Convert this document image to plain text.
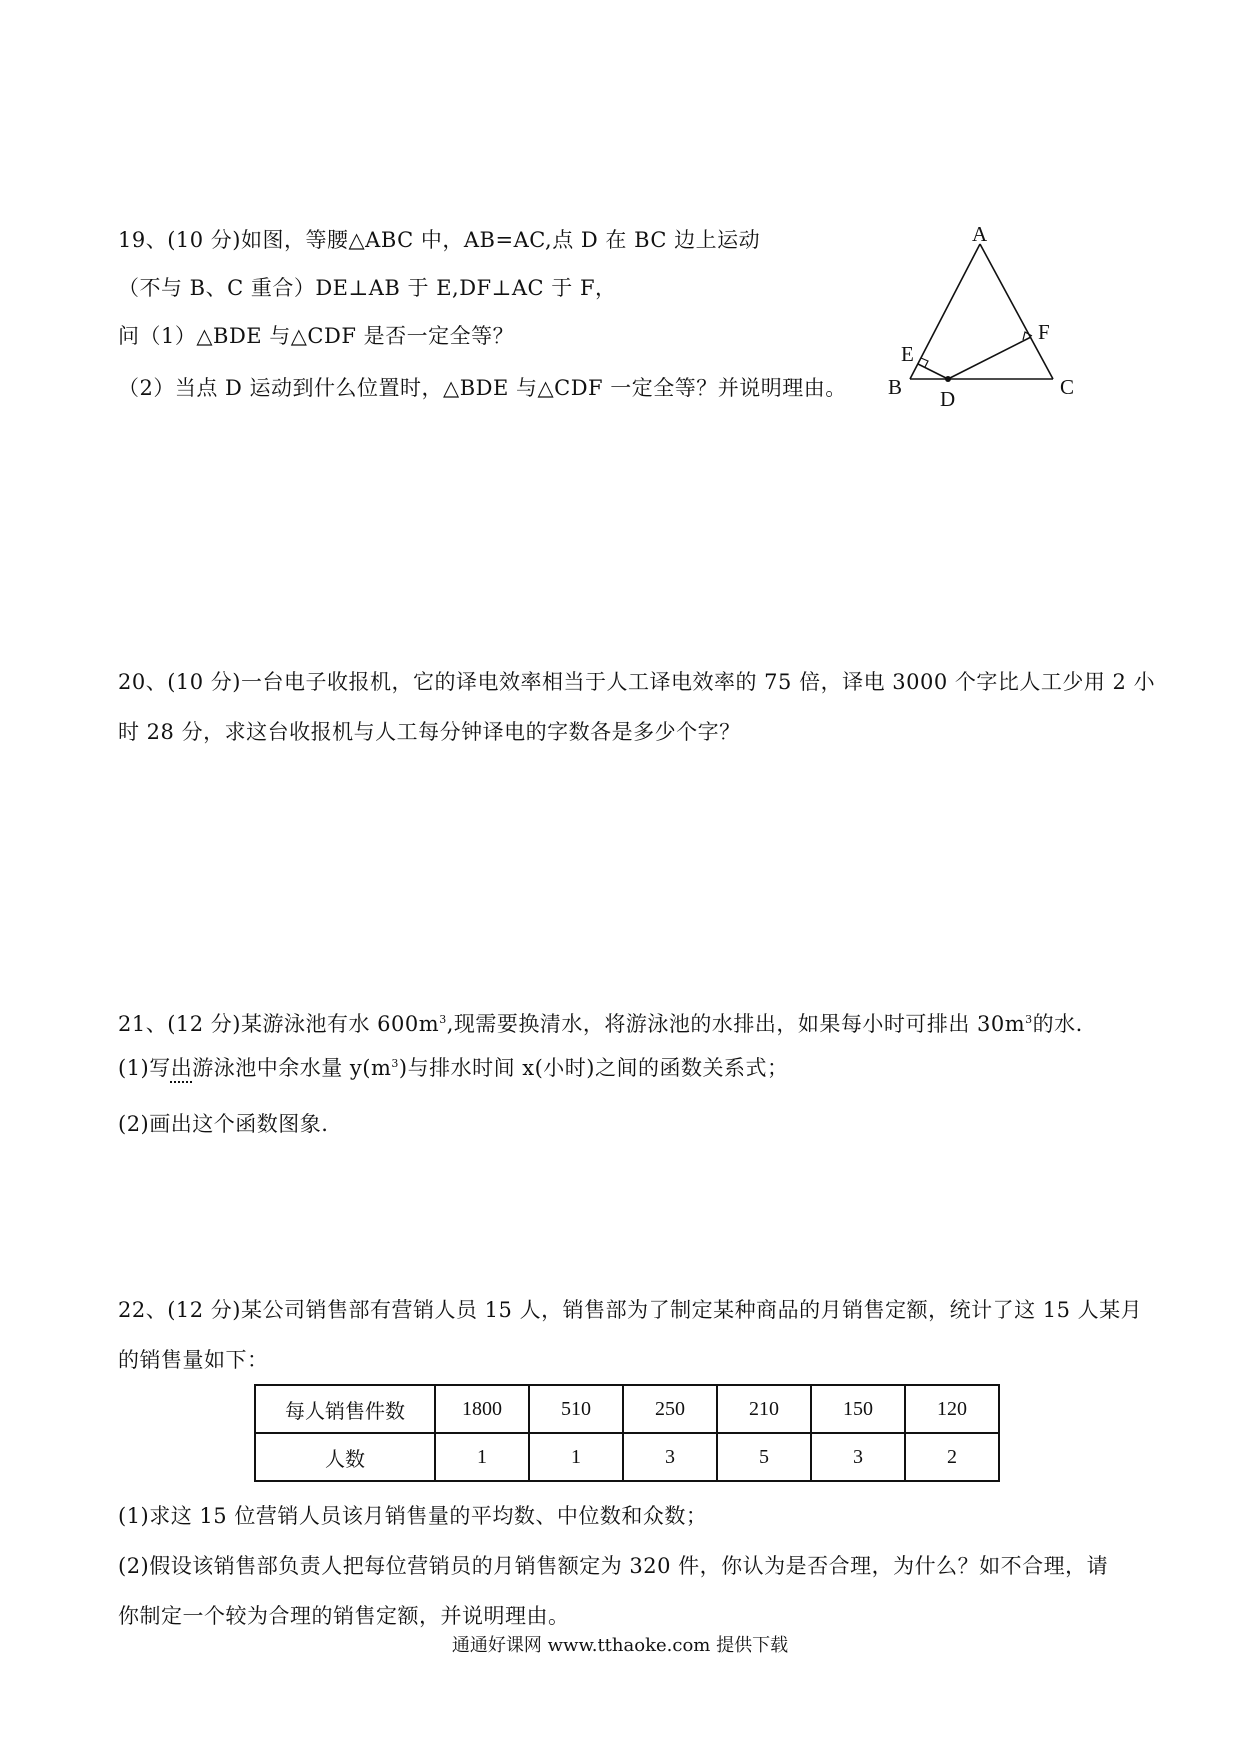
19、(10 分)如图，等腰△ABC 中，AB=AC,点 D 在 BC 边上运动
（不与 B、C 重合）DE⊥AB 于 E,DF⊥AC 于 F，
问（1）△BDE 与△CDF 是否一定全等？
（2）当点 D 运动到什么位置时，△BDE 与△CDF 一定全等？并说明理由。
A
B	C
D
E
F
20、(10 分)一台电子收报机，它的译电效率相当于人工译电效率的 75 倍，译电 3000 个字比人工少用 2 小
时 28 分，求这台收报机与人工每分钟译电的字数各是多少个字？
21、(12 分)某游泳池有水 $600m^3$,现需要换清水，将游泳池的水排出，如果每小时可排出 $30m^3$的水.
(1)写出游泳池中余水量 $y(m^3)$与排水时间 x(小时)之间的函数关系式；
(2)画出这个函数图象.
22、(12 分)某公司销售部有营销人员 15 人，销售部为了制定某种商品的月销售定额，统计了这 15 人某月
的销售量如下：
每人销售件数	1800	510	250	210	150	120
人数	1	1	3	5	3	2
(1)求这 15 位营销人员该月销售量的平均数、中位数和众数；
(2)假设该销售部负责人把每位营销员的月销售额定为 320 件，你认为是否合理，为什么？如不合理，请
你制定一个较为合理的销售定额，并说明理由。
通通好课网 www.tthaoke.com 提供下载
